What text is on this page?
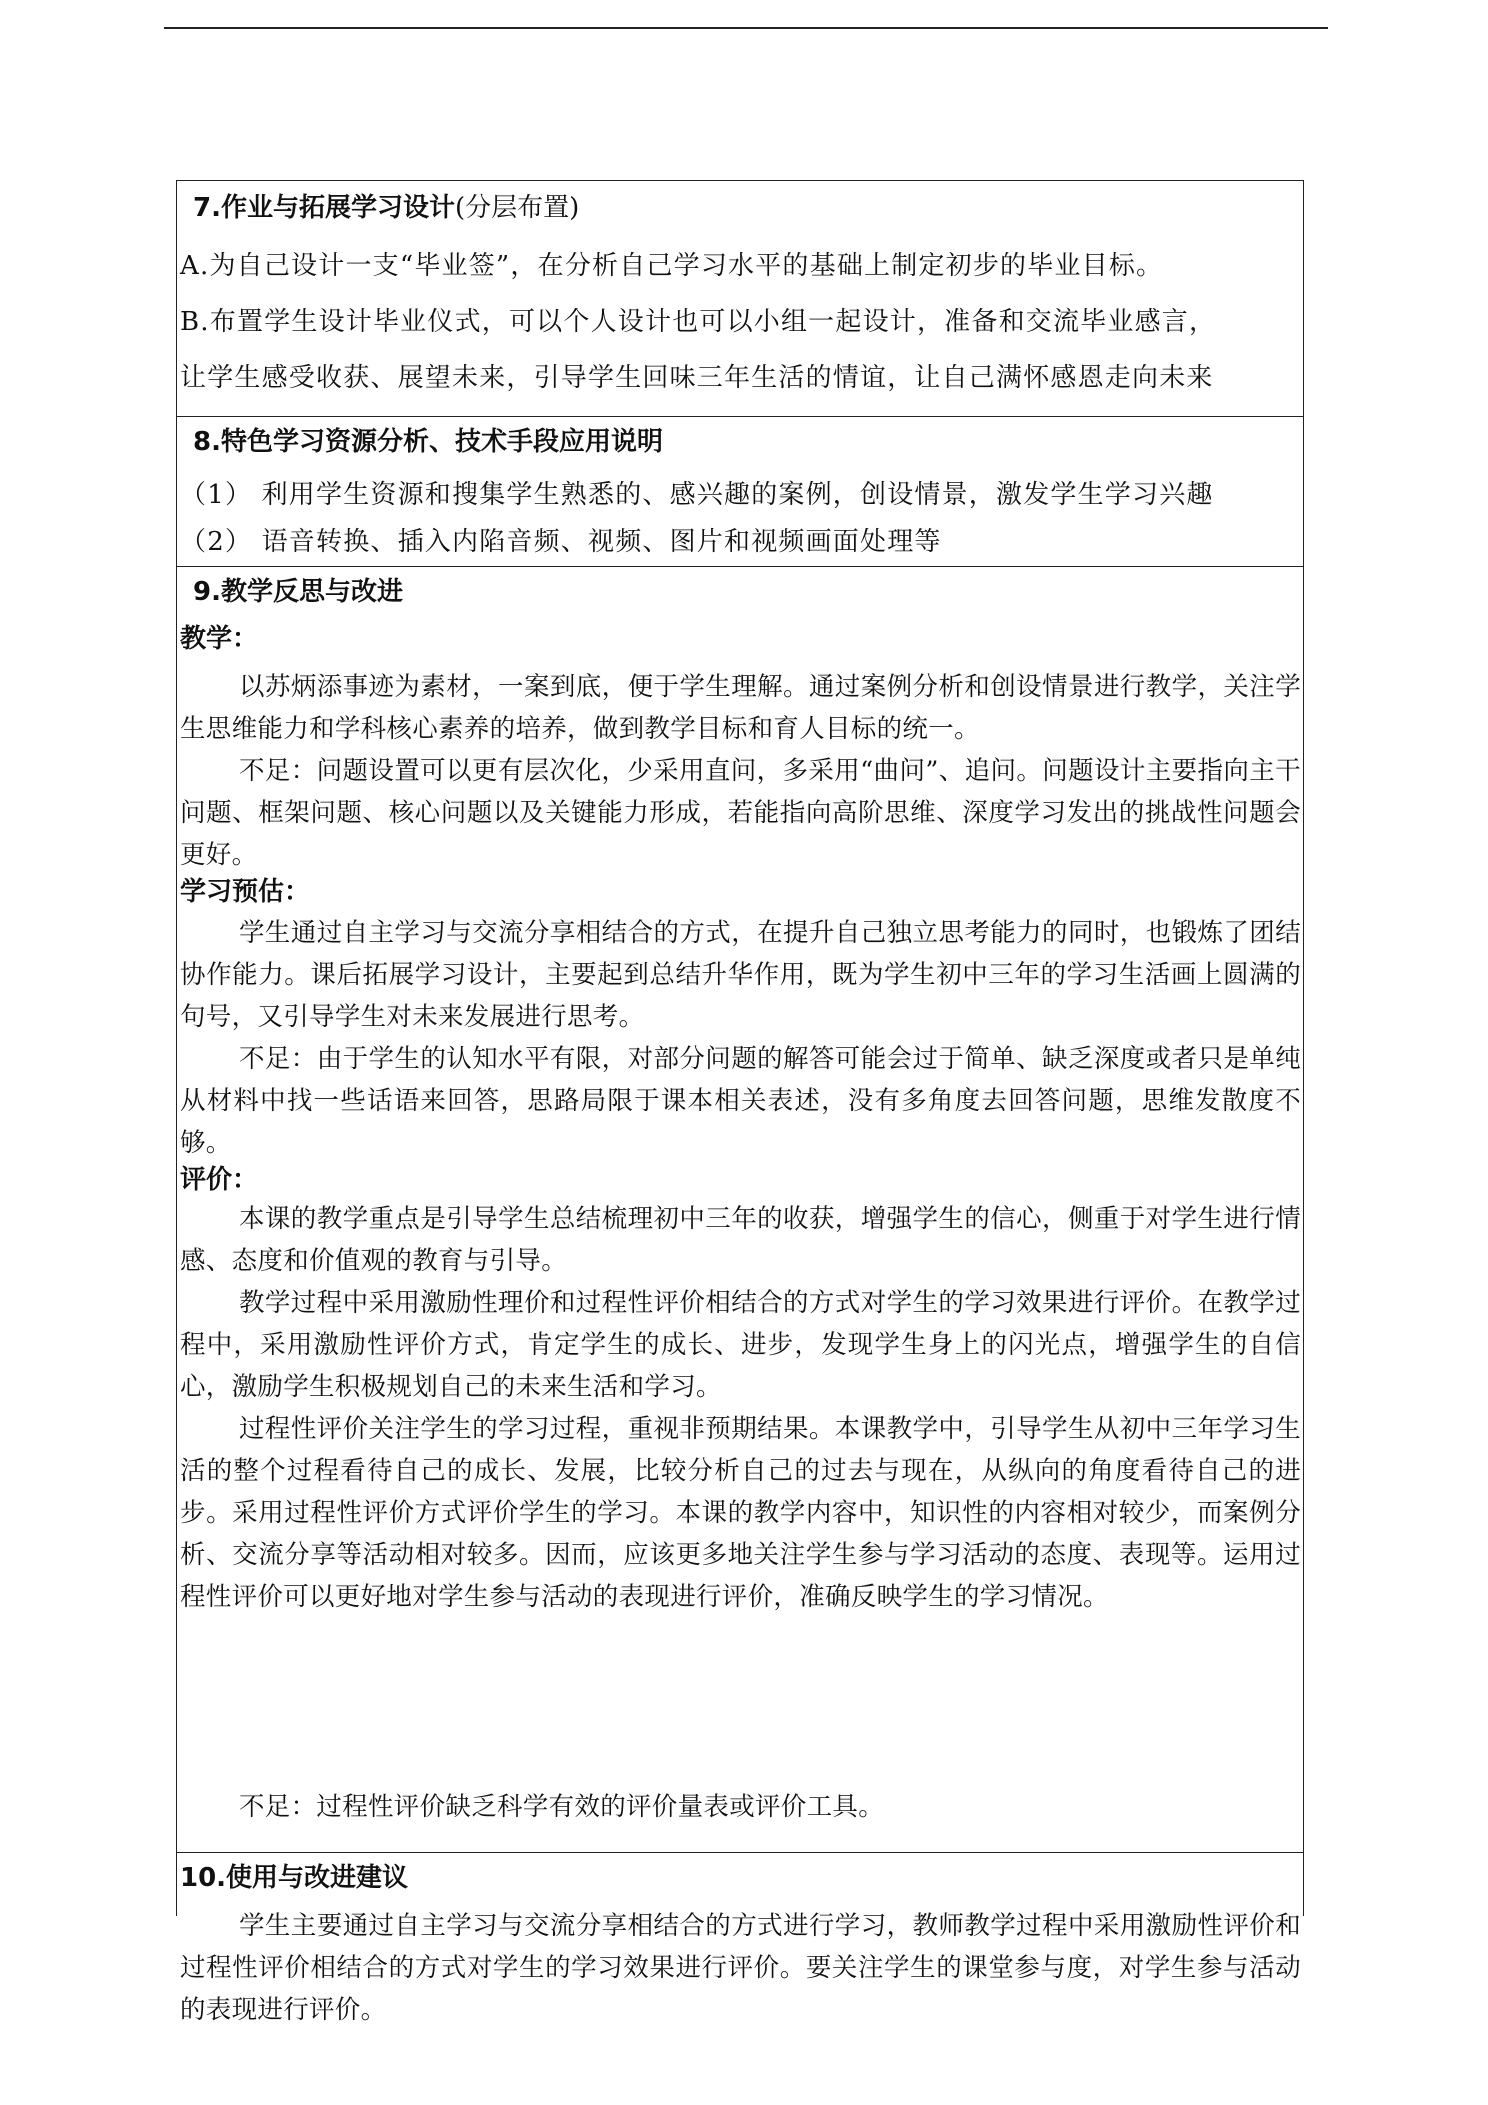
7.作业与拓展学习设计(分层布置)
A.为自己设计一支“毕业签”，在分析自己学习水平的基础上制定初步的毕业目标。
B.布置学生设计毕业仪式，可以个人设计也可以小组一起设计，准备和交流毕业感言，
让学生感受收获、展望未来，引导学生回味三年生活的情谊，让自己满怀感恩走向未来
8.特色学习资源分析、技术手段应用说明
（1） 利用学生资源和搜集学生熟悉的、感兴趣的案例，创设情景，激发学生学习兴趣
（2） 语音转换、插入内陷音频、视频、图片和视频画面处理等
9.教学反思与改进
教学：
以苏炳添事迹为素材，一案到底，便于学生理解。通过案例分析和创设情景进行教学，关注学生思维能力和学科核心素养的培养，做到教学目标和育人目标的统一。
不足：问题设置可以更有层次化，少采用直问，多采用“曲问”、追问。问题设计主要指向主干问题、框架问题、核心问题以及关键能力形成，若能指向高阶思维、深度学习发出的挑战性问题会更好。
学习预估：
学生通过自主学习与交流分享相结合的方式，在提升自己独立思考能力的同时，也锻炼了团结协作能力。课后拓展学习设计，主要起到总结升华作用，既为学生初中三年的学习生活画上圆满的句号，又引导学生对未来发展进行思考。
不足：由于学生的认知水平有限，对部分问题的解答可能会过于简单、缺乏深度或者只是单纯从材料中找一些话语来回答，思路局限于课本相关表述，没有多角度去回答问题，思维发散度不够。
评价：
本课的教学重点是引导学生总结梳理初中三年的收获，增强学生的信心，侧重于对学生进行情感、态度和价值观的教育与引导。
教学过程中采用激励性理价和过程性评价相结合的方式对学生的学习效果进行评价。在教学过程中，采用激励性评价方式，肯定学生的成长、进步，发现学生身上的闪光点，增强学生的自信心，激励学生积极规划自己的未来生活和学习。
过程性评价关注学生的学习过程，重视非预期结果。本课教学中，引导学生从初中三年学习生活的整个过程看待自己的成长、发展，比较分析自己的过去与现在，从纵向的角度看待自己的进步。采用过程性评价方式评价学生的学习。本课的教学内容中，知识性的内容相对较少，而案例分析、交流分享等活动相对较多。因而，应该更多地关注学生参与学习活动的态度、表现等。运用过程性评价可以更好地对学生参与活动的表现进行评价，准确反映学生的学习情况。
不足：过程性评价缺乏科学有效的评价量表或评价工具。
10.使用与改进建议
学生主要通过自主学习与交流分享相结合的方式进行学习，教师教学过程中采用激励性评价和过程性评价相结合的方式对学生的学习效果进行评价。要关注学生的课堂参与度，对学生参与活动的表现进行评价。
